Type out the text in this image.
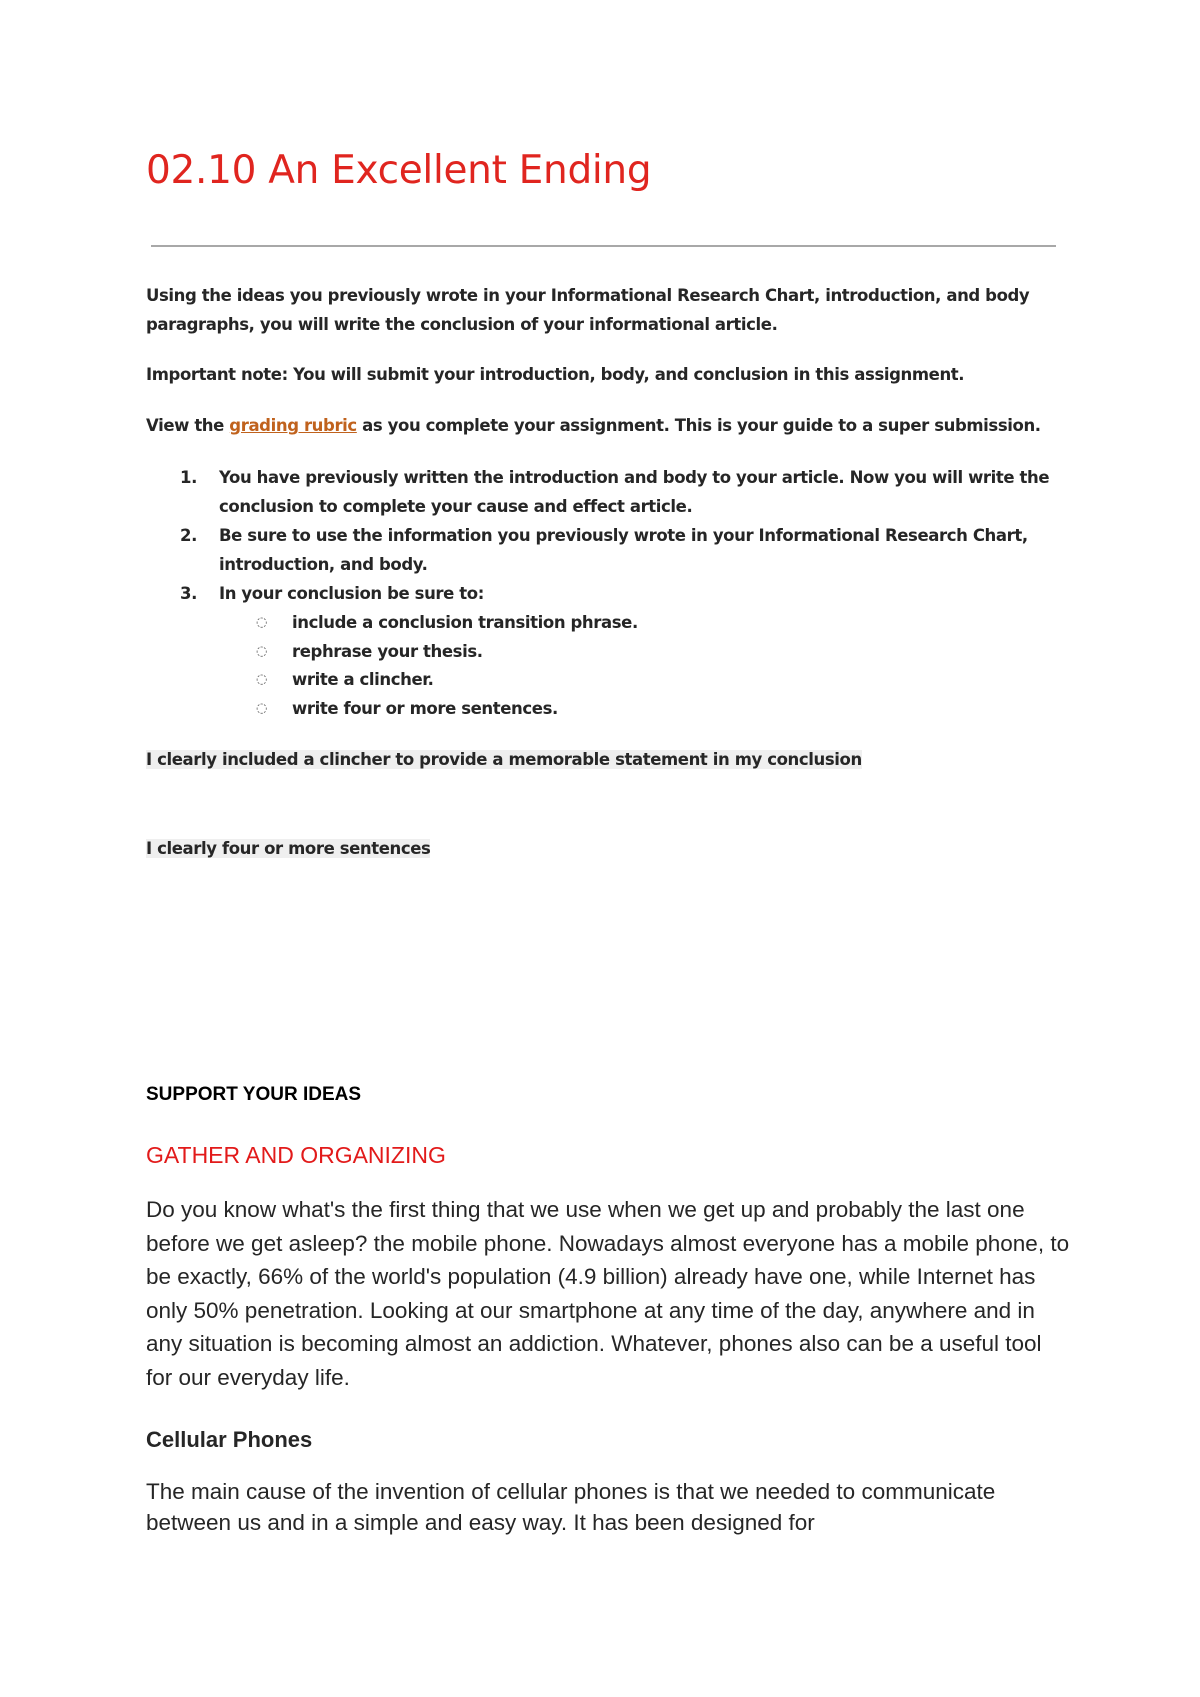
02.10 An Excellent Ending

Using the ideas you previously wrote in your Informational Research Chart, introduction, and body paragraphs, you will write the conclusion of your informational article.

Important note: You will submit your introduction, body, and conclusion in this assignment.

View the grading rubric as you complete your assignment. This is your guide to a super submission.

1. You have previously written the introduction and body to your article. Now you will write the conclusion to complete your cause and effect article.
2. Be sure to use the information you previously wrote in your Informational Research Chart, introduction, and body.
3. In your conclusion be sure to:
◌ include a conclusion transition phrase.
◌ rephrase your thesis.
◌ write a clincher.
◌ write four or more sentences.

I clearly included a clincher to provide a memorable statement in my conclusion

I clearly four or more sentences

SUPPORT YOUR IDEAS
GATHER AND ORGANIZING

Do you know what's the first thing that we use when we get up and probably the last one before we get asleep? the mobile phone. Nowadays almost everyone has a mobile phone, to be exactly, 66% of the world's population (4.9 billion) already have one, while Internet has only 50% penetration. Looking at our smartphone at any time of the day, anywhere and in any situation is becoming almost an addiction. Whatever, phones also can be a useful tool for our everyday life.

Cellular Phones

The main cause of the invention of cellular phones is that we needed to communicate between us and in a simple and easy way. It has been designed for
